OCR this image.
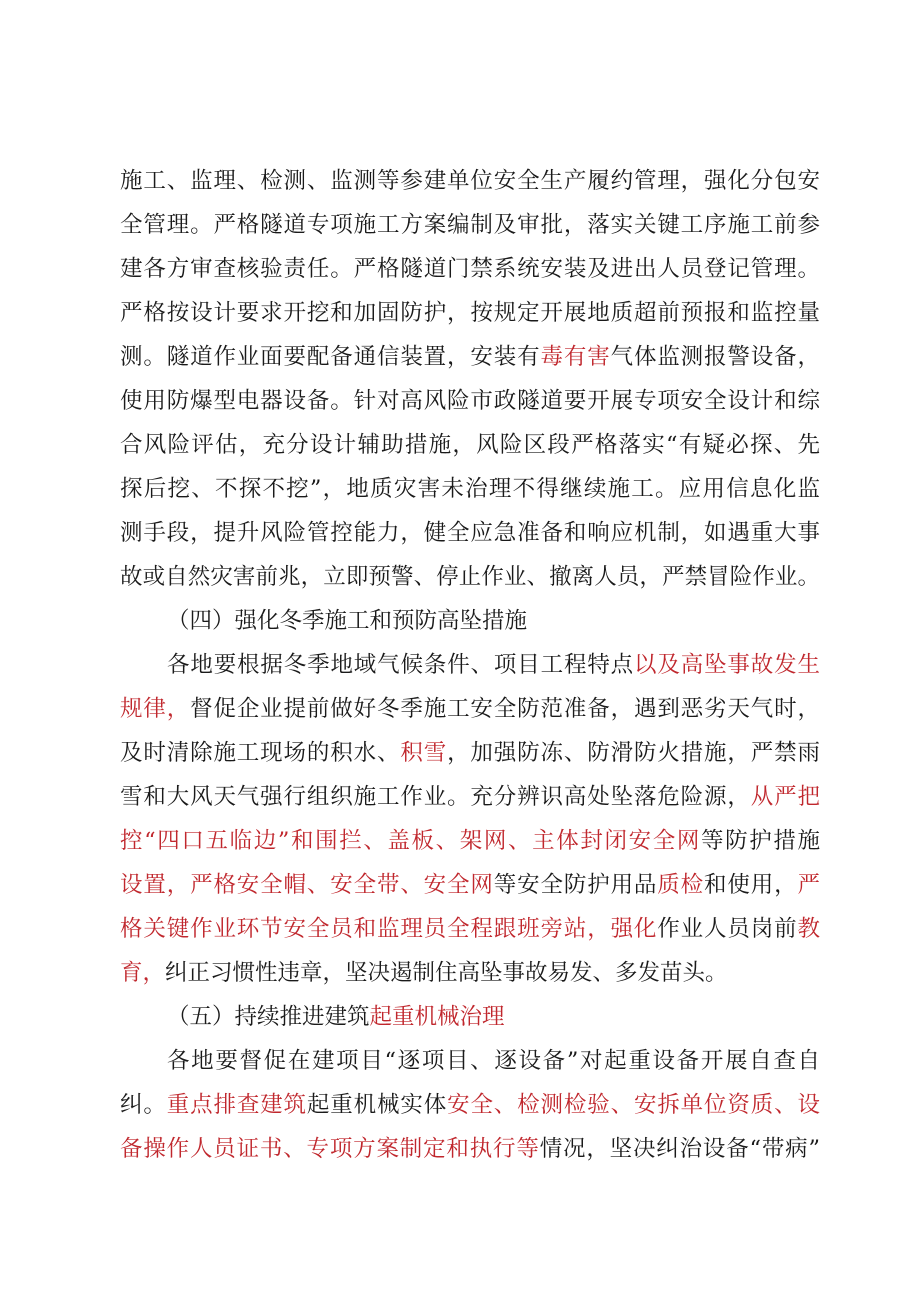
施工、监理、检测、监测等参建单位安全生产履约管理，强化分包安
全管理。严格隧道专项施工方案编制及审批，落实关键工序施工前参
建各方审查核验责任。严格隧道门禁系统安装及进出人员登记管理。
严格按设计要求开挖和加固防护，按规定开展地质超前预报和监控量
测。隧道作业面要配备通信装置，安装有毒有害气体监测报警设备，
使用防爆型电器设备。针对高风险市政隧道要开展专项安全设计和综
合风险评估，充分设计辅助措施，风险区段严格落实“有疑必探、先
探后挖、不探不挖”，地质灾害未治理不得继续施工。应用信息化监
测手段，提升风险管控能力，健全应急准备和响应机制，如遇重大事
故或自然灾害前兆，立即预警、停止作业、撤离人员，严禁冒险作业。
（四）强化冬季施工和预防高坠措施
各地要根据冬季地域气候条件、项目工程特点以及高坠事故发生
规律，督促企业提前做好冬季施工安全防范准备，遇到恶劣天气时，
及时清除施工现场的积水、积雪，加强防冻、防滑防火措施，严禁雨
雪和大风天气强行组织施工作业。充分辨识高处坠落危险源，从严把
控“四口五临边”和围拦、盖板、架网、主体封闭安全网等防护措施
设置，严格安全帽、安全带、安全网等安全防护用品质检和使用，严
格关键作业环节安全员和监理员全程跟班旁站，强化作业人员岗前教
育，纠正习惯性违章，坚决遏制住高坠事故易发、多发苗头。
（五）持续推进建筑起重机械治理
各地要督促在建项目“逐项目、逐设备”对起重设备开展自查自
纠。重点排查建筑起重机械实体安全、检测检验、安拆单位资质、设
备操作人员证书、专项方案制定和执行等情况，坚决纠治设备“带病”
